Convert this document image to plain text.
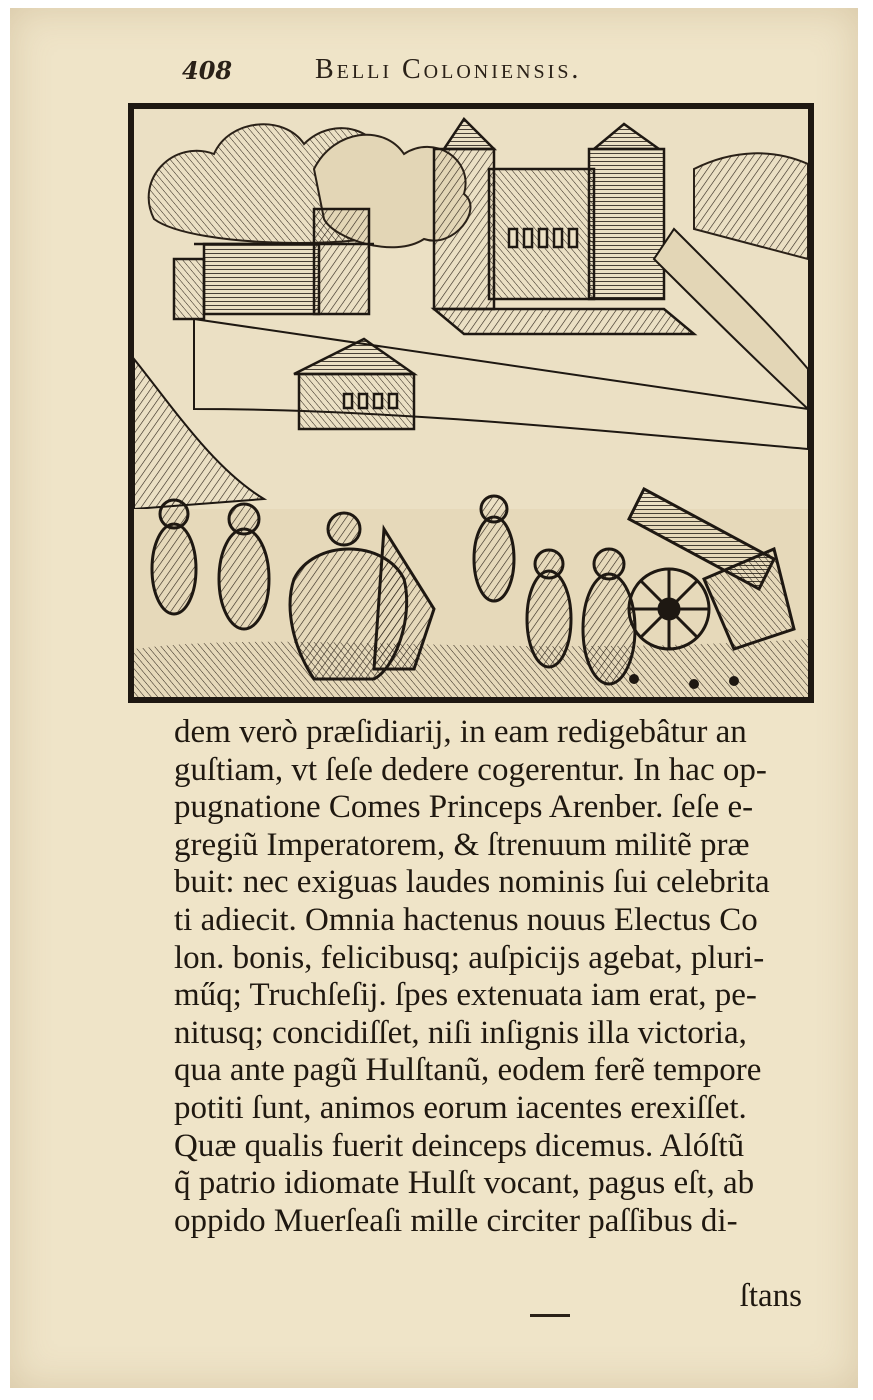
408	Belli Coloniensis.
dem verò præſidiarij, in eam redigebâtur an
guſtiam, vt ſeſe dedere cogerentur. In hac op-
pugnatione Comes Princeps Arenber. ſeſe e-
gregiũ Imperatorem, & ſtrenuum militẽ præ
buit: nec exiguas laudes nominis ſui celebrita
ti adiecit. Omnia hactenus nouus Electus Co
lon. bonis, felicibusq; auſpicijs agebat, pluri-
műq; Truchſeſij. ſpes extenuata iam erat, pe-
nitusq; concidiſſet, niſi inſignis illa victoria,
qua ante pagũ Hulſtanũ, eodem ferẽ tempore
potiti ſunt, animos eorum iacentes erexiſſet.
Quæ qualis fuerit deinceps dicemus. Alóſtũ
q̃ patrio idiomate Hulſt vocant, pagus eſt, ab
oppido Muerſeaſi mille circiter paſſibus di-
ſtans
